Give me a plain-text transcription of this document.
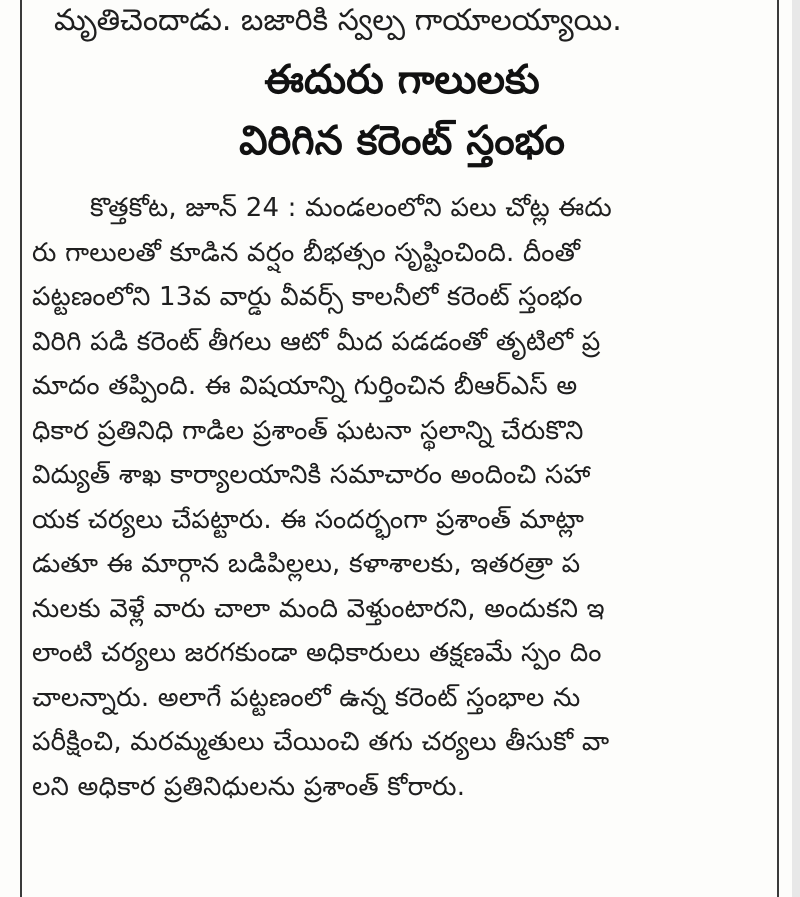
మృతిచెందాడు. బజారికి స్వల్ప గాయాలయ్యాయి.

ఈదురు గాలులకు
విరిగిన కరెంట్ స్తంభం
కొత్తకోట, జూన్ 24 : మండలంలోని పలు చోట్ల ఈదు
రు గాలులతో కూడిన వర్షం బీభత్సం సృష్టించింది. దీంతో
పట్టణంలోని 13వ వార్డు వీవర్స్ కాలనీలో కరెంట్ స్తంభం
విరిగి పడి కరెంట్ తీగలు ఆటో మీద పడడంతో తృటిలో ప్ర
మాదం తప్పింది. ఈ విషయాన్ని గుర్తించిన బీఆర్ఎస్ అ
ధికార ప్రతినిధి గాడిల ప్రశాంత్ ఘటనా స్థలాన్ని చేరుకొని
విద్యుత్ శాఖ కార్యాలయానికి సమాచారం అందించి సహా
యక చర్యలు చేపట్టారు. ఈ సందర్భంగా ప్రశాంత్ మాట్లా
డుతూ ఈ మార్గాన బడిపిల్లలు, కళాశాలకు, ఇతరత్రా ప
నులకు వెళ్లే వారు చాలా మంది వెళ్తుంటారని, అందుకని ఇ
లాంటి చర్యలు జరగకుండా అధికారులు తక్షణమే స్పం దిం
చాలన్నారు. అలాగే పట్టణంలో ఉన్న కరెంట్ స్తంభాల ను
పరీక్షించి, మరమ్మతులు చేయించి తగు చర్యలు తీసుకో వా
లని అధికార ప్రతినిధులను ప్రశాంత్ కోరారు.
